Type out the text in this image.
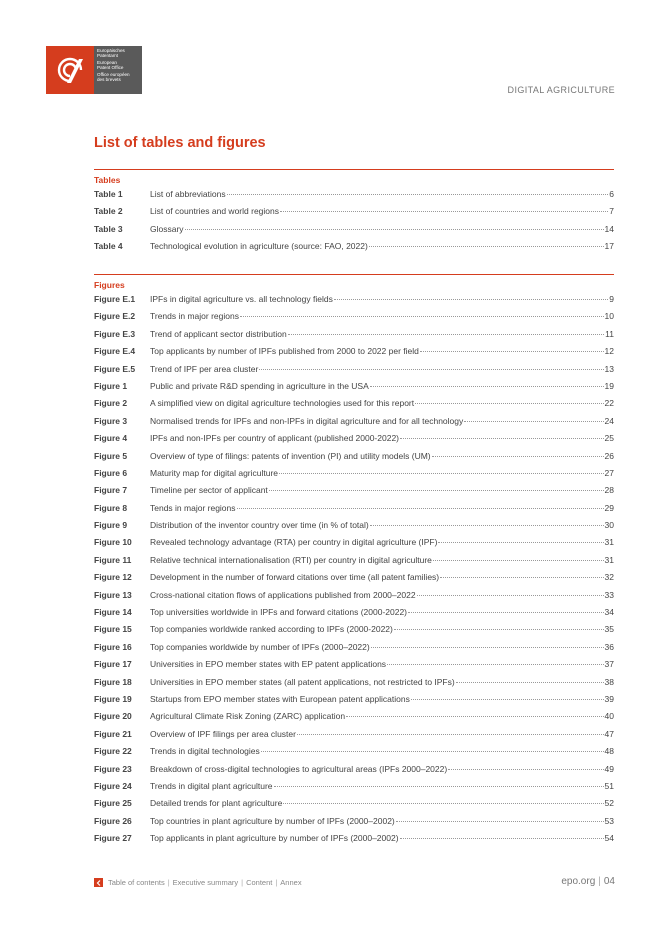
Europäisches
Patentamt
European
Patent Office
Office européen
des brevets
DIGITAL AGRICULTURE
List of tables and figures
Tables
Table 1	List of abbreviations	6
Table 2	List of countries and world regions	7
Table 3	Glossary	14
Table 4	Technological evolution in agriculture (source: FAO, 2022)	17
Figures
Figure E.1	IPFs in digital agriculture vs. all technology fields	9
Figure E.2	Trends in major regions	10
Figure E.3	Trend of applicant sector distribution	11
Figure E.4	Top applicants by number of IPFs published from 2000 to 2022 per field	12
Figure E.5	Trend of IPF per area cluster	13
Figure 1	Public and private R&D spending in agriculture in the USA	19
Figure 2	A simplified view on digital agriculture technologies used for this report	22
Figure 3	Normalised trends for IPFs and non-IPFs in digital agriculture and for all technology	24
Figure 4	IPFs and non-IPFs per country of applicant (published 2000-2022)	25
Figure 5	Overview of type of filings: patents of invention (PI) and utility models (UM)	26
Figure 6	Maturity map for digital agriculture	27
Figure 7	Timeline per sector of applicant	28
Figure 8	Tends in major regions	29
Figure 9	Distribution of the inventor country over time (in % of total)	30
Figure 10	Revealed technology advantage (RTA) per country in digital agriculture (IPF)	31
Figure 11	Relative technical internationalisation (RTI) per country in digital agriculture	31
Figure 12	Development in the number of forward citations over time (all patent families)	32
Figure 13	Cross-national citation flows of applications published from 2000–2022	33
Figure 14	Top universities worldwide in IPFs and forward citations (2000-2022)	34
Figure 15	Top companies worldwide ranked according to IPFs (2000-2022)	35
Figure 16	Top companies worldwide by number of IPFs (2000–2022)	36
Figure 17	Universities in EPO member states with EP patent applications	37
Figure 18	Universities in EPO member states (all patent applications, not restricted to IPFs)	38
Figure 19	Startups from EPO member states with European patent applications	39
Figure 20	Agricultural Climate Risk Zoning (ZARC) application	40
Figure 21	Overview of IPF filings per area cluster	47
Figure 22	Trends in digital technologies	48
Figure 23	Breakdown of cross-digital technologies to agricultural areas (IPFs 2000–2022)	49
Figure 24	Trends in digital plant agriculture	51
Figure 25	Detailed trends for plant agriculture	52
Figure 26	Top countries in plant agriculture by number of IPFs (2000–2002)	53
Figure 27	Top applicants in plant agriculture by number of IPFs (2000–2002)	54
Table of contents | Executive summary | Content | Annex	epo.org | 04
